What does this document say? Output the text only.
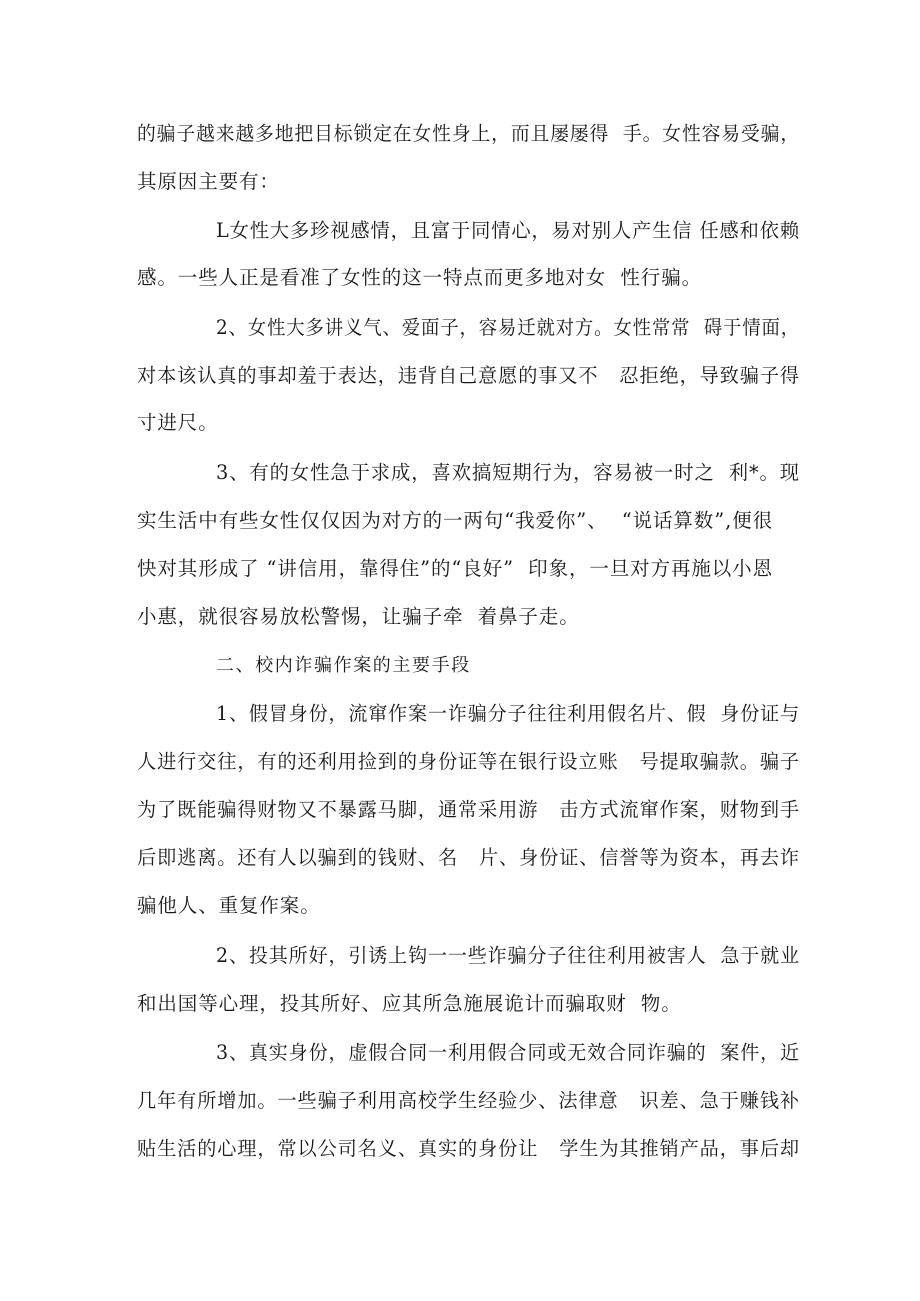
的骗子越来越多地把目标锁定在女性身上，而且屡屡得  手。女性容易受骗，
其原因主要有：
L女性大多珍视感情，且富于同情心，易对别人产生信 任感和依赖
感。一些人正是看准了女性的这一特点而更多地对女  性行骗。
2、女性大多讲义气、爱面子，容易迁就对方。女性常常  碍于情面，
对本该认真的事却羞于表达，违背自己意愿的事又不   忍拒绝，导致骗子得
寸进尺。
3、有的女性急于求成，喜欢搞短期行为，容易被一时之  利*。现
实生活中有些女性仅仅因为对方的一两句“我爱你”、  “说话算数”,便很
快对其形成了 “讲信用，靠得住”的“良好”  印象，一旦对方再施以小恩
小惠，就很容易放松警惕，让骗子牵  着鼻子走。
二、校内诈骗作案的主要手段
1、假冒身份，流窜作案一诈骗分子往往利用假名片、假  身份证与
人进行交往，有的还利用捡到的身份证等在银行设立账   号提取骗款。骗子
为了既能骗得财物又不暴露马脚，通常采用游   击方式流窜作案，财物到手
后即逃离。还有人以骗到的钱财、名   片、身份证、信誉等为资本，再去诈
骗他人、重复作案。
2、投其所好，引诱上钩一一些诈骗分子往往利用被害人  急于就业
和出国等心理，投其所好、应其所急施展诡计而骗取财  物。
3、真实身份，虚假合同一利用假合同或无效合同诈骗的  案件，近
几年有所增加。一些骗子利用高校学生经验少、法律意   识差、急于赚钱补
贴生活的心理，常以公司名义、真实的身份让   学生为其推销产品，事后却
